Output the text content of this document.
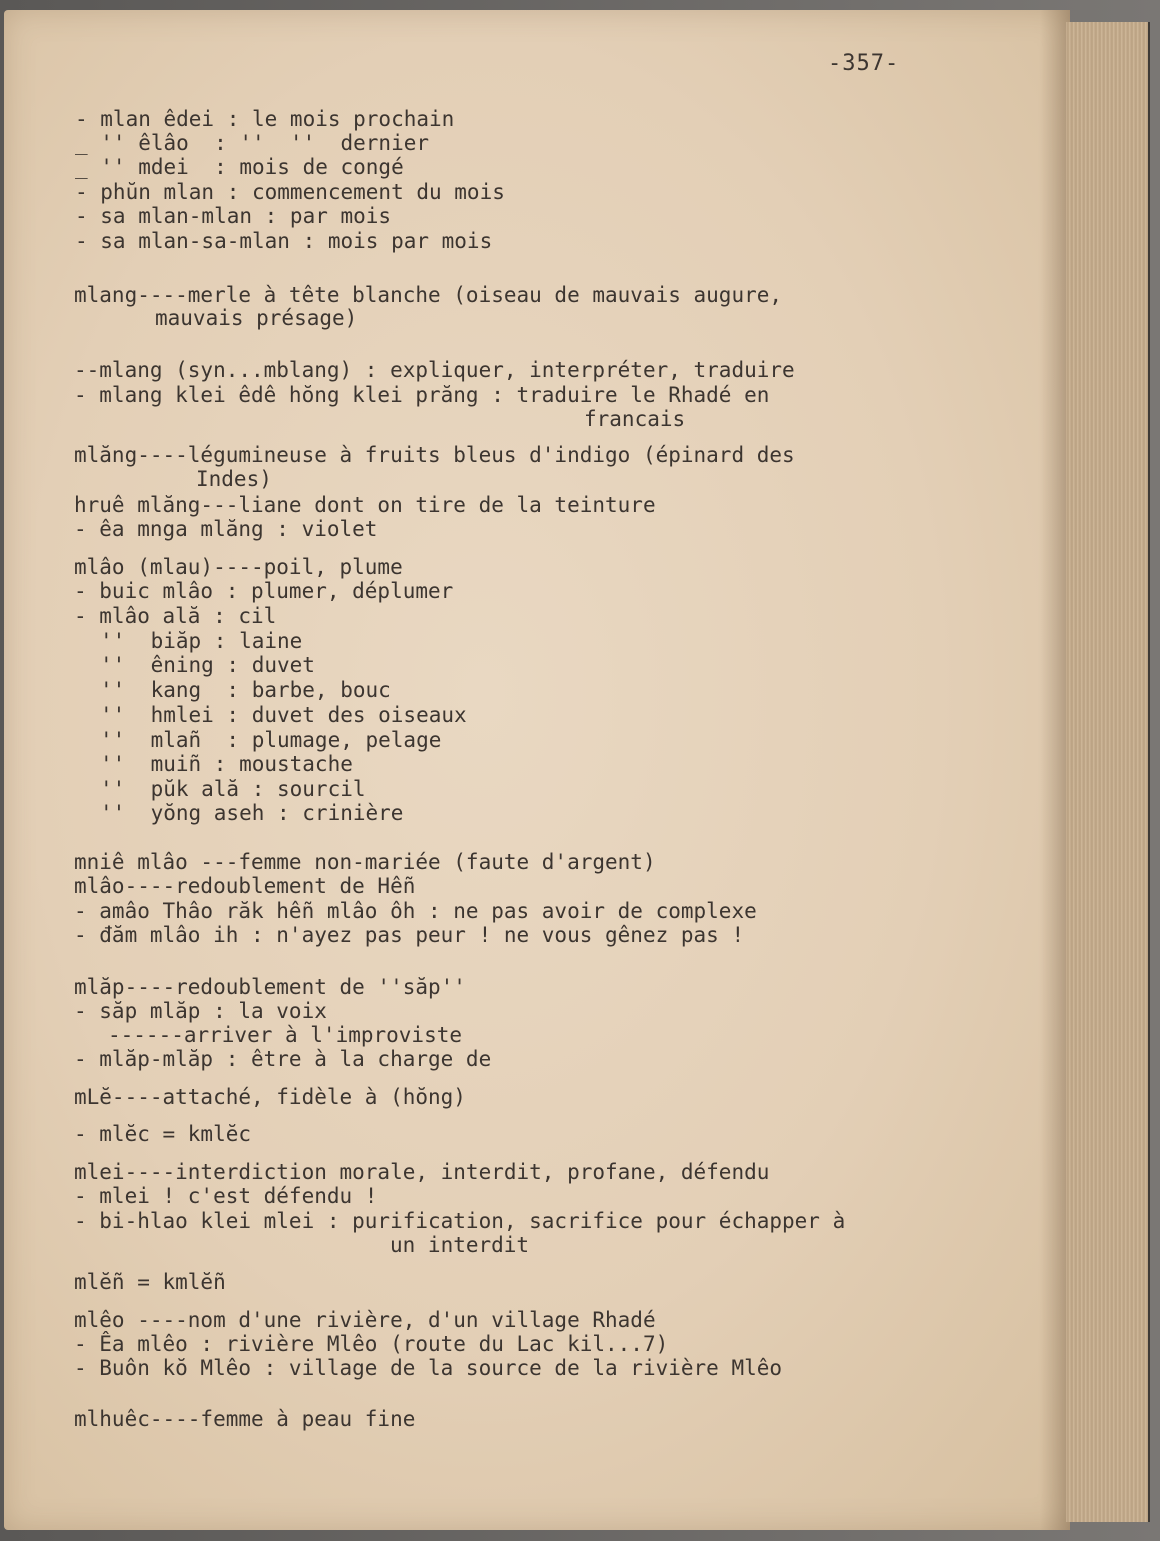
-357-
- mlan êdei : le mois prochain
_ '' êlâo  : ''  ''  dernier
_ '' mdei  : mois de congé
- phŭn mlan : commencement du mois
- sa mlan-mlan : par mois
- sa mlan-sa-mlan : mois par mois
mlang----merle à tête blanche (oiseau de mauvais augure,
mauvais présage)
--mlang (syn...mblang) : expliquer, interpréter, traduire
- mlang klei êdê hŏng klei prăng : traduire le Rhadé en
francais
mlăng----légumineuse à fruits bleus d'indigo (épinard des
Indes)
hruê mlăng---liane dont on tire de la teinture
- êa mnga mlăng : violet
mlâo (mlau)----poil, plume
- buic mlâo : plumer, déplumer
- mlâo ală : cil
''  biăp : laine
''  êning : duvet
''  kang  : barbe, bouc
''  hmlei : duvet des oiseaux
''  mlañ  : plumage, pelage
''  muiñ : moustache
''  pŭk ală : sourcil
''  yŏng aseh : crinière
mniê mlâo ---femme non-mariée (faute d'argent)
mlâo----redoublement de Hêñ
- amâo Thâo răk hêñ mlâo ôh : ne pas avoir de complexe
- đăm mlâo ih : n'ayez pas peur ! ne vous gênez pas !
mlăp----redoublement de ''săp''
- săp mlăp : la voix
------arriver à l'improviste
- mlăp-mlăp : être à la charge de
mLĕ----attaché, fidèle à (hŏng)
- mlĕc = kmlĕc
mlei----interdiction morale, interdit, profane, défendu
- mlei ! c'est défendu !
- bi-hlao klei mlei : purification, sacrifice pour échapper à
un interdit
mlĕñ = kmlĕñ
mlêo ----nom d'une rivière, d'un village Rhadé
- Êa mlêo : rivière Mlêo (route du Lac kil...7)
- Buôn kŏ Mlêo : village de la source de la rivière Mlêo
mlhuêc----femme à peau fine
